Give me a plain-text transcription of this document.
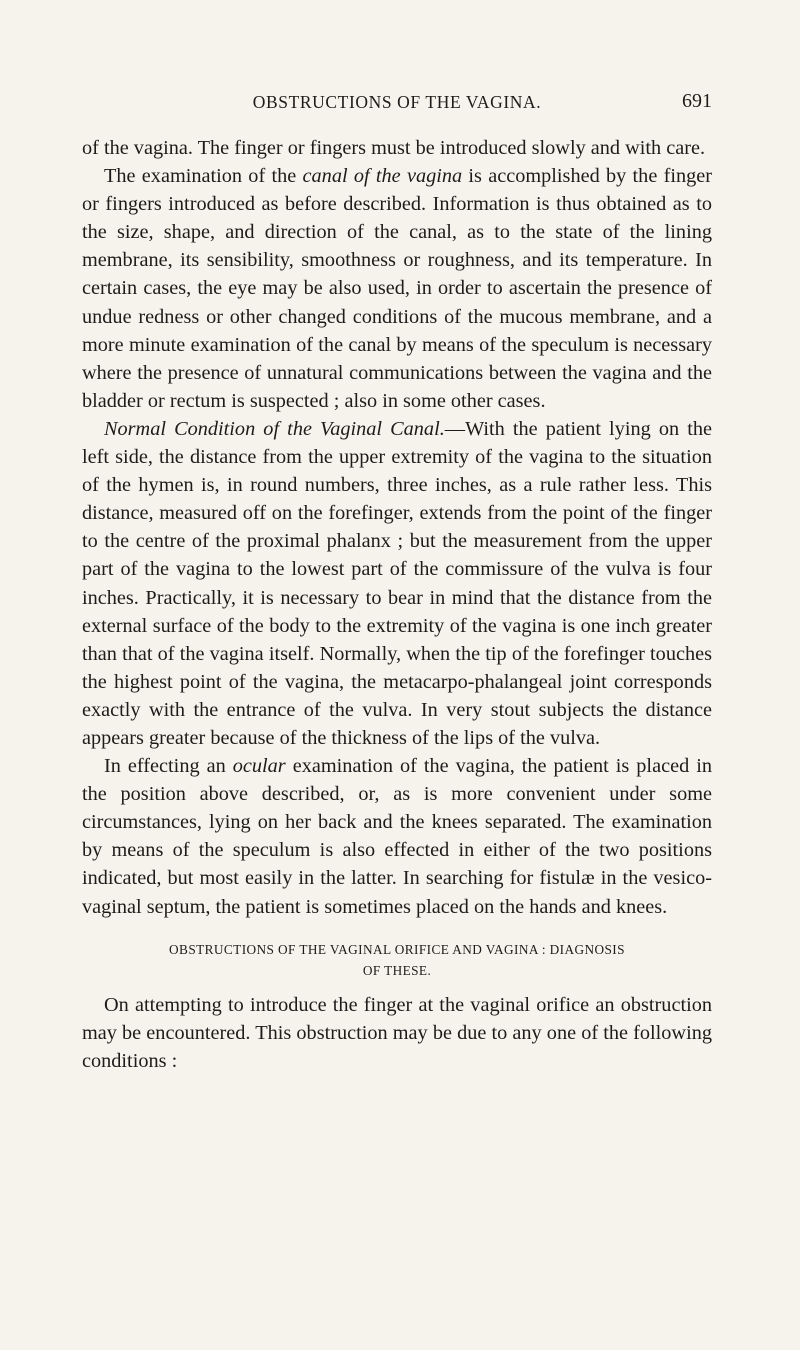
OBSTRUCTIONS OF THE VAGINA.	691

of the vagina. The finger or fingers must be introduced slowly and with care.

The examination of the canal of the vagina is accomplished by the finger or fingers introduced as before described. Information is thus obtained as to the size, shape, and direction of the canal, as to the state of the lining membrane, its sensibility, smoothness or roughness, and its temperature. In certain cases, the eye may be also used, in order to ascertain the presence of undue redness or other changed conditions of the mucous membrane, and a more minute examination of the canal by means of the speculum is necessary where the presence of unnatural communications between the vagina and the bladder or rectum is suspected ; also in some other cases.

Normal Condition of the Vaginal Canal.—With the patient lying on the left side, the distance from the upper extremity of the vagina to the situation of the hymen is, in round numbers, three inches, as a rule rather less. This distance, measured off on the forefinger, extends from the point of the finger to the centre of the proximal phalanx ; but the measurement from the upper part of the vagina to the lowest part of the commissure of the vulva is four inches. Practically, it is necessary to bear in mind that the distance from the external surface of the body to the extremity of the vagina is one inch greater than that of the vagina itself. Normally, when the tip of the forefinger touches the highest point of the vagina, the metacarpo-phalangeal joint corresponds exactly with the entrance of the vulva. In very stout subjects the distance appears greater because of the thickness of the lips of the vulva.

In effecting an ocular examination of the vagina, the patient is placed in the position above described, or, as is more convenient under some circumstances, lying on her back and the knees separated. The examination by means of the speculum is also effected in either of the two positions indicated, but most easily in the latter. In searching for fistulæ in the vesico-vaginal septum, the patient is sometimes placed on the hands and knees.

OBSTRUCTIONS OF THE VAGINAL ORIFICE AND VAGINA : DIAGNOSIS
OF THESE.

On attempting to introduce the finger at the vaginal orifice an obstruction may be encountered. This obstruction may be due to any one of the following conditions :
